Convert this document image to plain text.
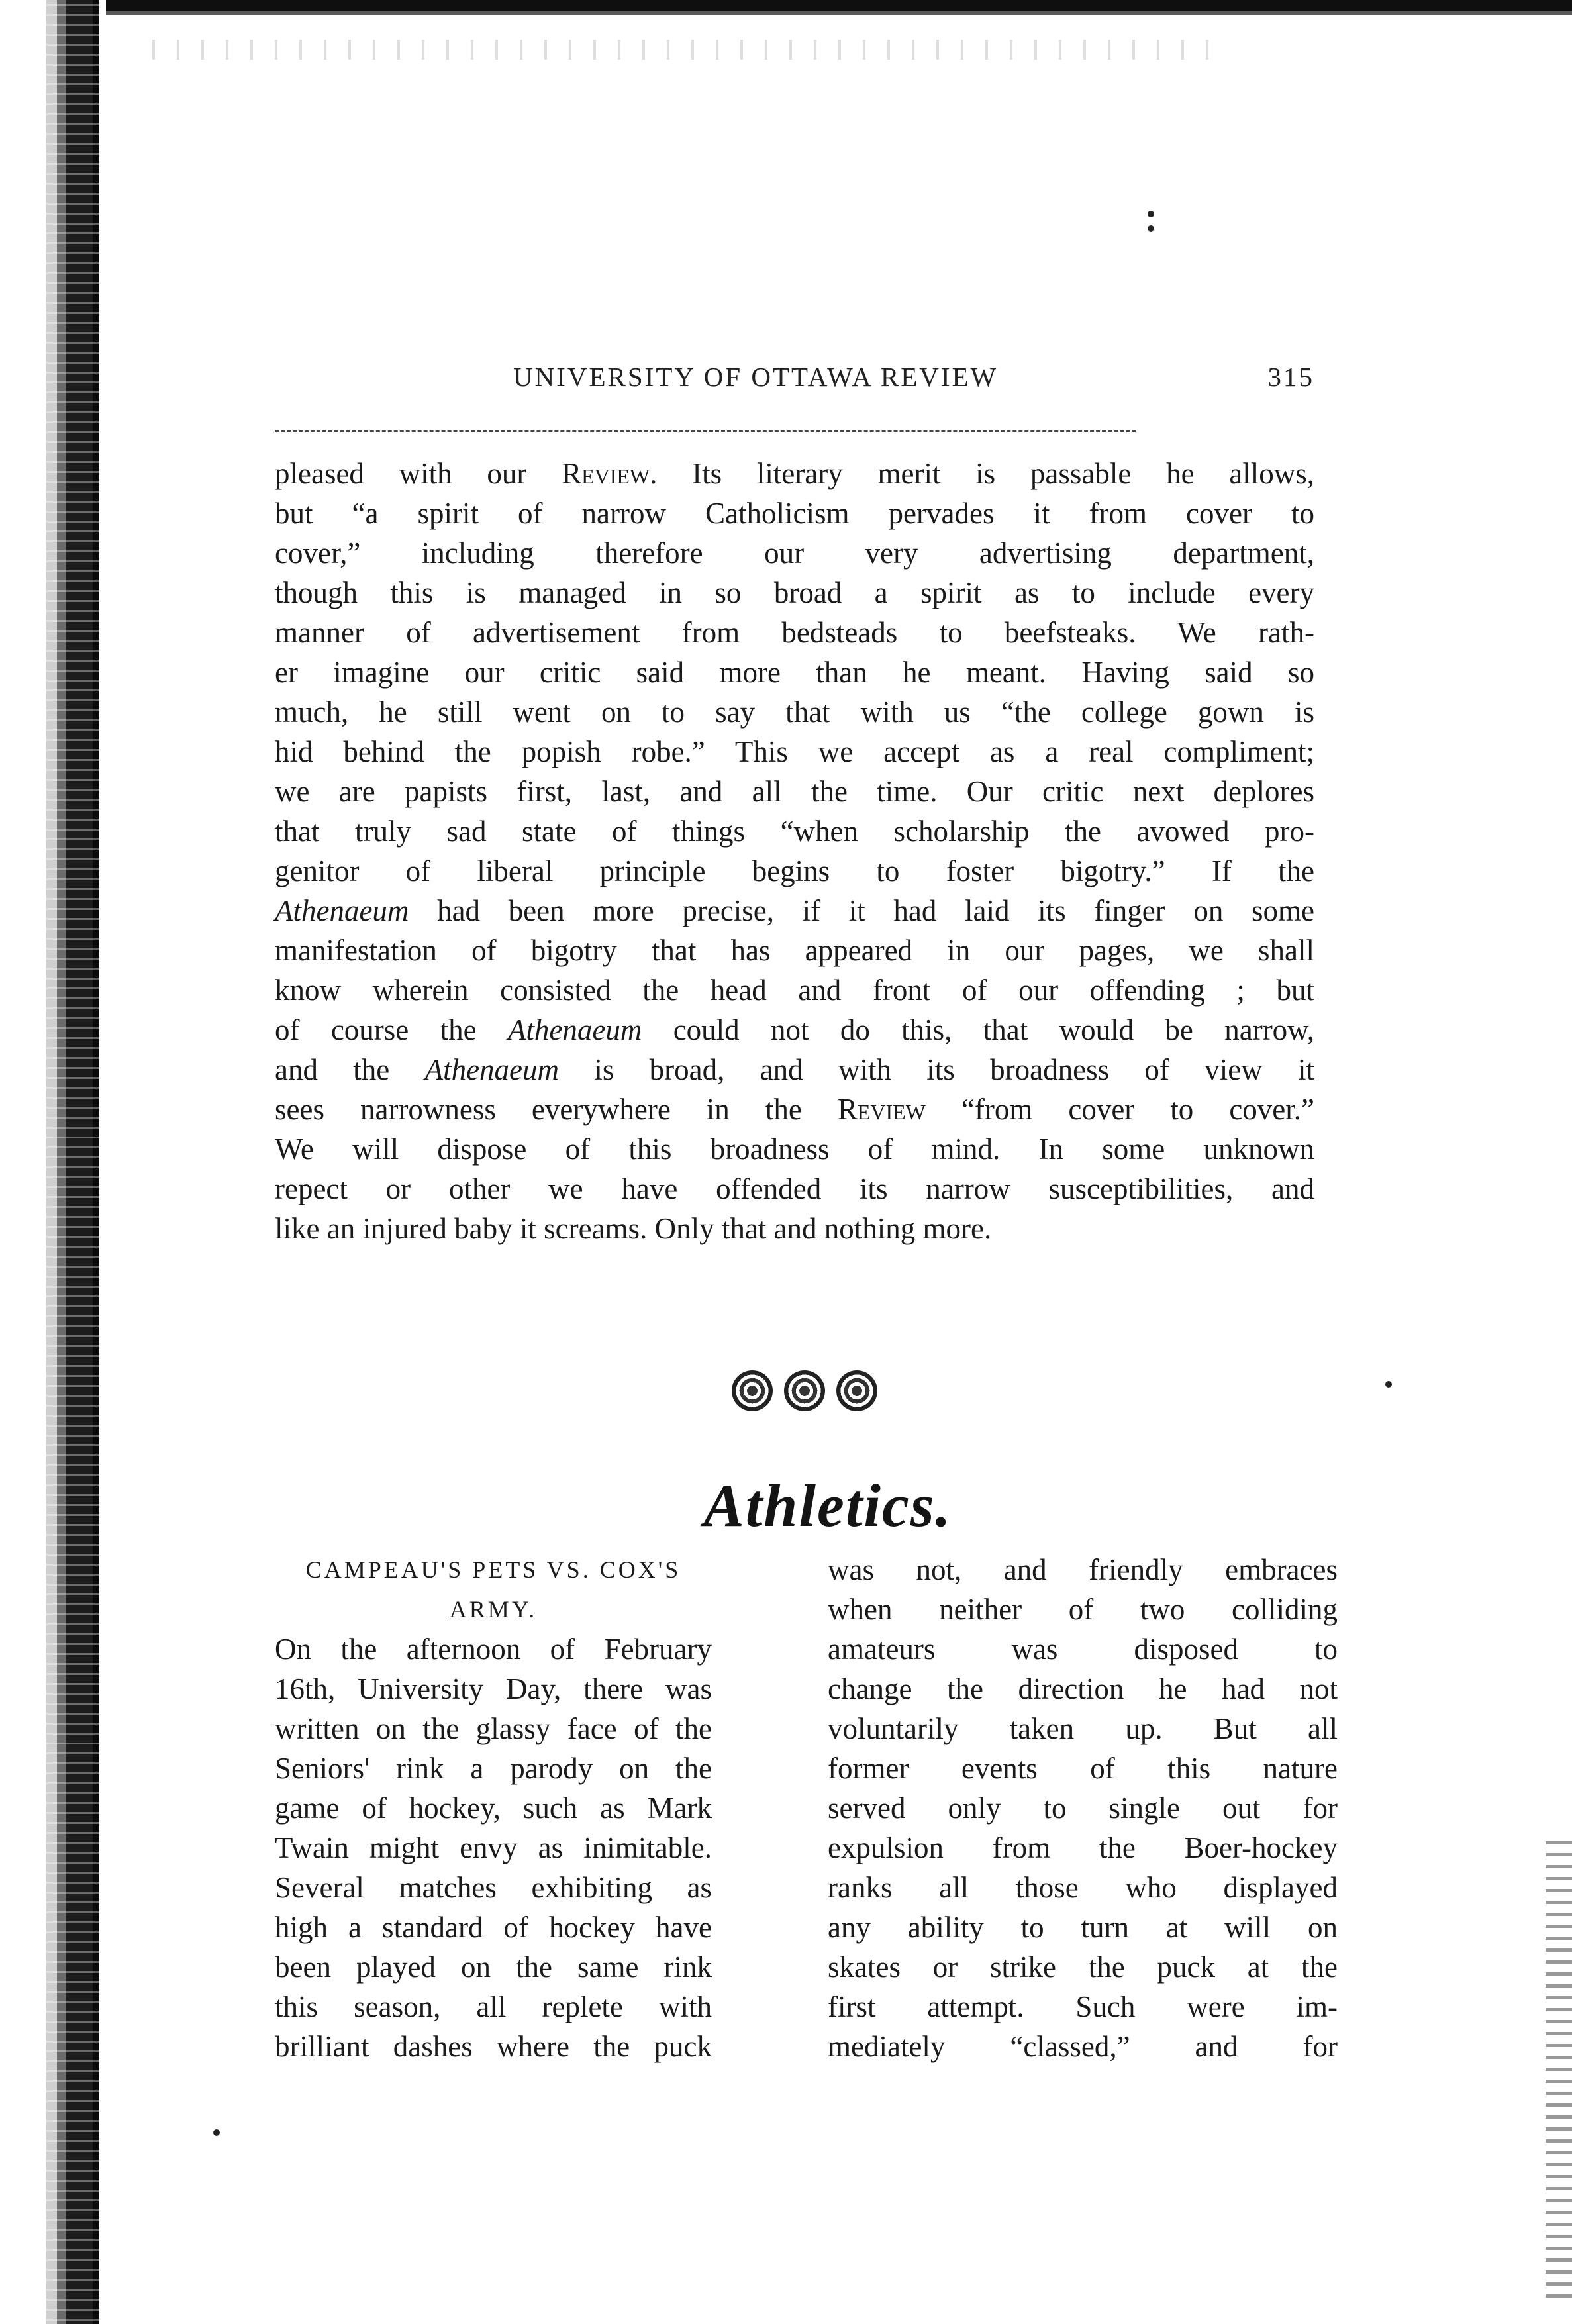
UNIVERSITY OF OTTAWA REVIEW	315
pleased with our Review. Its literary merit is passable he allows,
but “a spirit of narrow Catholicism pervades it from cover to
cover,” including therefore our very advertising department,
though this is managed in so broad a spirit as to include every
manner of advertisement from bedsteads to beefsteaks. We rath-
er imagine our critic said more than he meant. Having said so
much, he still went on to say that with us “the college gown is
hid behind the popish robe.” This we accept as a real compliment;
we are papists first, last, and all the time. Our critic next deplores
that truly sad state of things “when scholarship the avowed pro-
genitor of liberal principle begins to foster bigotry.” If the
Athenaeum had been more precise, if it had laid its finger on some
manifestation of bigotry that has appeared in our pages, we shall
know wherein consisted the head and front of our offending ; but
of course the Athenaeum could not do this, that would be narrow,
and the Athenaeum is broad, and with its broadness of view it
sees narrowness everywhere in the Review “from cover to cover.”
We will dispose of this broadness of mind. In some unknown
repect or other we have offended its narrow susceptibilities, and
like an injured baby it screams. Only that and nothing more.
Athletics.
CAMPEAU'S PETS VS. COX'S
ARMY.
On the afternoon of February
16th, University Day, there was
written on the glassy face of the
Seniors' rink a parody on the
game of hockey, such as Mark
Twain might envy as inimitable.
Several matches exhibiting as
high a standard of hockey have
been played on the same rink
this season, all replete with
brilliant dashes where the puck
was not, and friendly embraces
when neither of two colliding
amateurs was disposed to
change the direction he had not
voluntarily taken up. But all
former events of this nature
served only to single out for
expulsion from the Boer-hockey
ranks all those who displayed
any ability to turn at will on
skates or strike the puck at the
first attempt. Such were im-
mediately “classed,” and for
